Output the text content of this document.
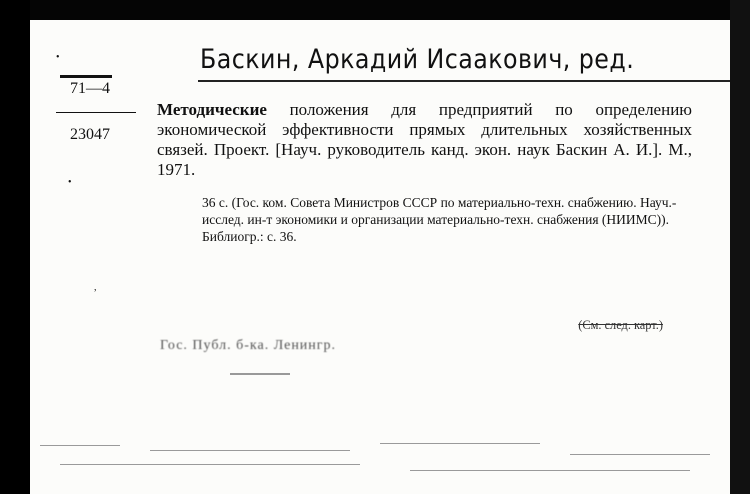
•
•
,
Баскин, Аркадий Исаакович, ред.
71—4
23047
Методические положения для предприятий по определению экономической эффективности прямых длительных хозяйственных связей. Проект. [Науч. руководитель канд. экон. наук Баскин А. И.]. М., 1971.
36 с. (Гос. ком. Совета Министров СССР по материально-техн. снабжению. Науч.-исслед. ин-т экономики и организации материально-техн. снабжения (НИИМС)). Библиогр.: с. 36.
(См. след. карт.)
Гос. Публ. б-ка. Ленингр.
